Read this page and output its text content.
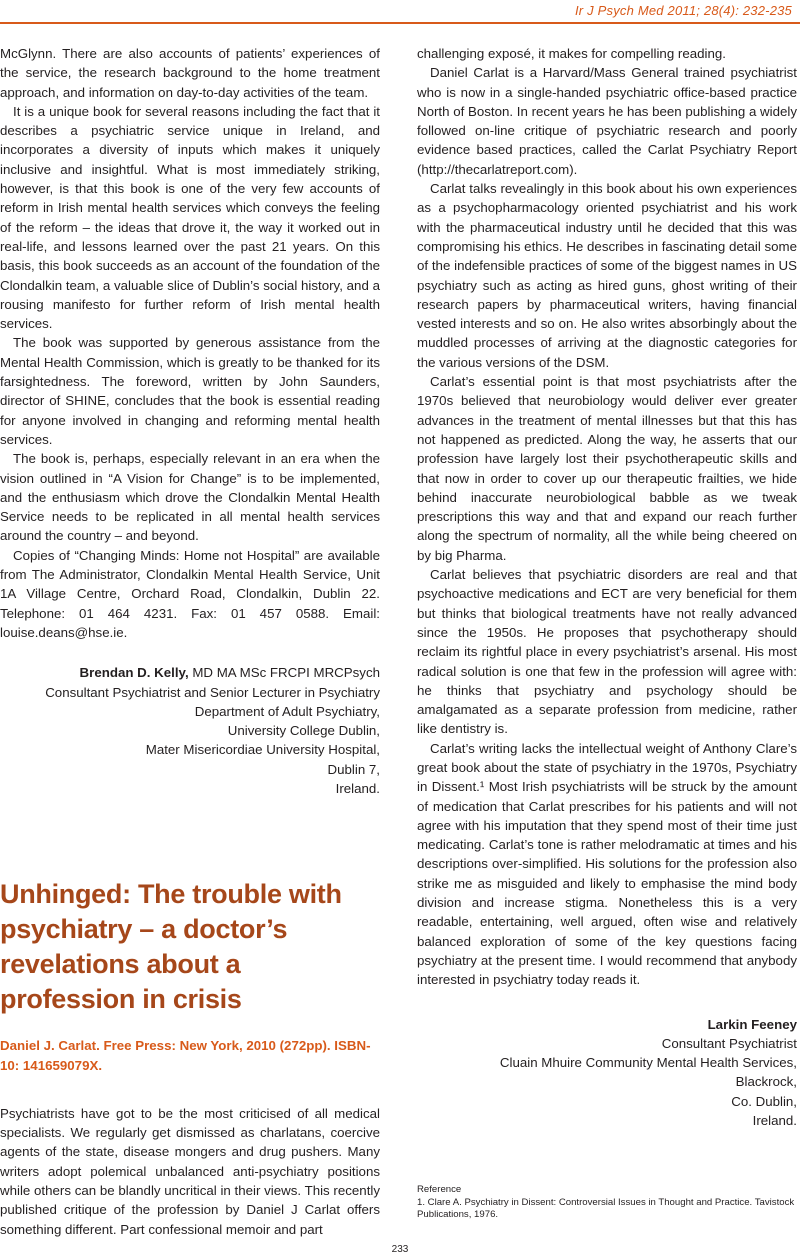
Ir J Psych Med 2011; 28(4): 232-235

McGlynn. There are also accounts of patients’ experiences of the service, the research background to the home treatment approach, and information on day-to-day activities of the team.

It is a unique book for several reasons including the fact that it describes a psychiatric service unique in Ireland, and incorporates a diversity of inputs which makes it uniquely inclusive and insightful. What is most immediately striking, however, is that this book is one of the very few accounts of reform in Irish mental health services which conveys the feeling of the reform – the ideas that drove it, the way it worked out in real-life, and lessons learned over the past 21 years. On this basis, this book succeeds as an account of the foundation of the Clondalkin team, a valuable slice of Dublin’s social history, and a rousing manifesto for further reform of Irish mental health services.

The book was supported by generous assistance from the Mental Health Commission, which is greatly to be thanked for its farsightedness. The foreword, written by John Saunders, director of SHINE, concludes that the book is essential reading for anyone involved in changing and reforming mental health services.

The book is, perhaps, especially relevant in an era when the vision outlined in “A Vision for Change” is to be implemented, and the enthusiasm which drove the Clondalkin Mental Health Service needs to be replicated in all mental health services around the country – and beyond.

Copies of “Changing Minds: Home not Hospital” are available from The Administrator, Clondalkin Mental Health Service, Unit 1A Village Centre, Orchard Road, Clondalkin, Dublin 22. Telephone: 01 464 4231. Fax: 01 457 0588. Email: louise.deans@hse.ie.

Brendan D. Kelly, MD MA MSc FRCPI MRCPsych
Consultant Psychiatrist and Senior Lecturer in Psychiatry
Department of Adult Psychiatry,
University College Dublin,
Mater Misericordiae University Hospital,
Dublin 7,
Ireland.
Unhinged: The trouble with psychiatry – a doctor’s revelations about a profession in crisis

Daniel J. Carlat. Free Press: New York, 2010 (272pp). ISBN-10: 141659079X.

Psychiatrists have got to be the most criticised of all medical specialists. We regularly get dismissed as charlatans, coercive agents of the state, disease mongers and drug pushers. Many writers adopt polemical unbalanced anti-psychiatry positions while others can be blandly uncritical in their views. This recently published critique of the profession by Daniel J Carlat offers something different. Part confessional memoir and part

challenging exposé, it makes for compelling reading.

Daniel Carlat is a Harvard/Mass General trained psychiatrist who is now in a single-handed psychiatric office-based practice North of Boston. In recent years he has been publishing a widely followed on-line critique of psychiatric research and poorly evidence based practices, called the Carlat Psychiatry Report (http://thecarlatreport.com).

Carlat talks revealingly in this book about his own experiences as a psychopharmacology oriented psychiatrist and his work with the pharmaceutical industry until he decided that this was compromising his ethics. He describes in fascinating detail some of the indefensible practices of some of the biggest names in US psychiatry such as acting as hired guns, ghost writing of their research papers by pharmaceutical writers, having financial vested interests and so on. He also writes absorbingly about the muddled processes of arriving at the diagnostic categories for the various versions of the DSM.

Carlat’s essential point is that most psychiatrists after the 1970s believed that neurobiology would deliver ever greater advances in the treatment of mental illnesses but that this has not happened as predicted. Along the way, he asserts that our profession have largely lost their psychotherapeutic skills and that now in order to cover up our therapeutic frailties, we hide behind inaccurate neurobiological babble as we tweak prescriptions this way and that and expand our reach further along the spectrum of normality, all the while being cheered on by big Pharma.

Carlat believes that psychiatric disorders are real and that psychoactive medications and ECT are very beneficial for them but thinks that biological treatments have not really advanced since the 1950s. He proposes that psychotherapy should reclaim its rightful place in every psychiatrist’s arsenal. His most radical solution is one that few in the profession will agree with: he thinks that psychiatry and psychology should be amalgamated as a separate profession from medicine, rather like dentistry is.

Carlat’s writing lacks the intellectual weight of Anthony Clare’s great book about the state of psychiatry in the 1970s, Psychiatry in Dissent.¹ Most Irish psychiatrists will be struck by the amount of medication that Carlat prescribes for his patients and will not agree with his imputation that they spend most of their time just medicating. Carlat’s tone is rather melodramatic at times and his descriptions over-simplified. His solutions for the profession also strike me as misguided and likely to emphasise the mind body division and increase stigma. Nonetheless this is a very readable, entertaining, well argued, often wise and relatively balanced exploration of some of the key questions facing psychiatry at the present time. I would recommend that anybody interested in psychiatry today reads it.

Larkin Feeney
Consultant Psychiatrist
Cluain Mhuire Community Mental Health Services,
Blackrock,
Co. Dublin,
Ireland.
Reference
1. Clare A. Psychiatry in Dissent: Controversial Issues in Thought and Practice. Tavistock Publications, 1976.
233
